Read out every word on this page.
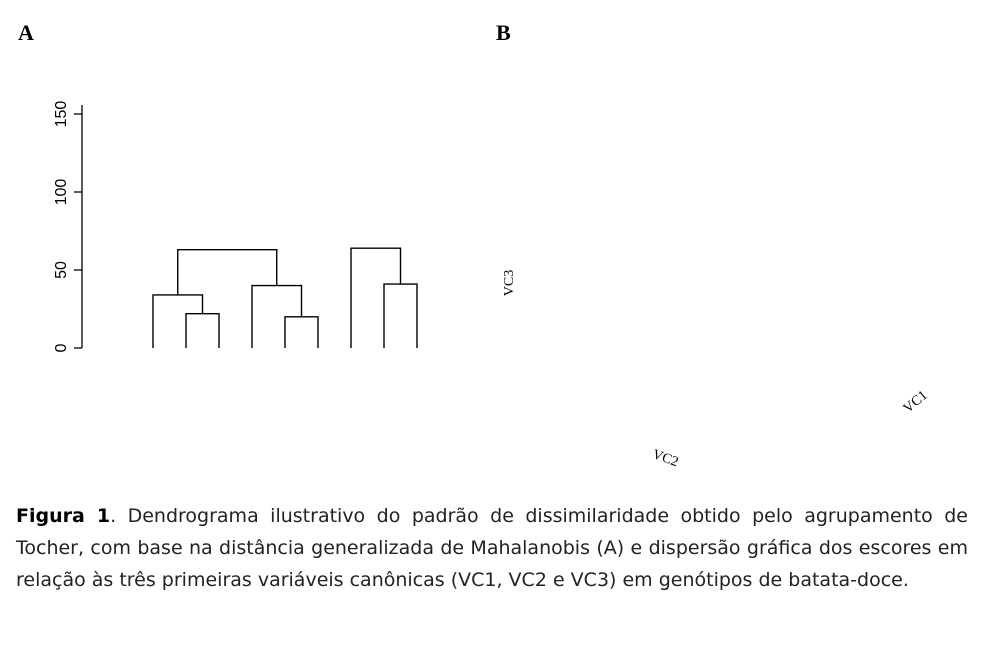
A
0
50
100
150
B
VC3
VC2
VC1

Figura 1. Dendrograma ilustrativo do padrão de dissimilaridade obtido pelo agrupamento de Tocher, com base na distância generalizada de Mahalanobis (A) e dispersão gráfica dos escores em relação às três primeiras variáveis canônicas (VC1, VC2 e VC3) em genótipos de batata-doce.
